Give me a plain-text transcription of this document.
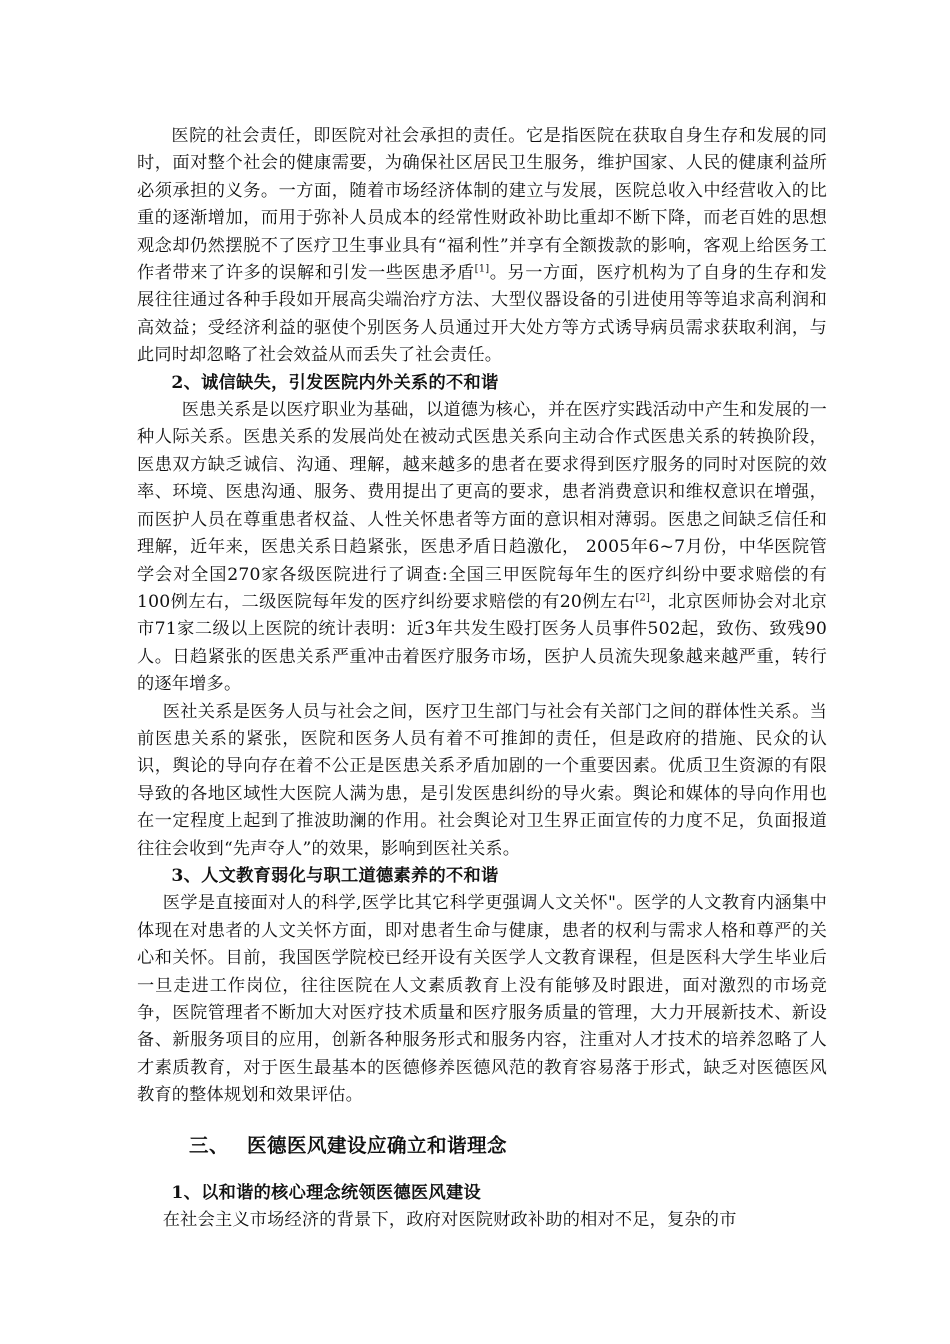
医院的社会责任，即医院对社会承担的责任。它是指医院在获取自身生存和发展的同时，面对整个社会的健康需要，为确保社区居民卫生服务，维护国家、人民的健康利益所必须承担的义务。一方面，随着市场经济体制的建立与发展，医院总收入中经营收入的比重的逐渐增加，而用于弥补人员成本的经常性财政补助比重却不断下降，而老百姓的思想观念却仍然摆脱不了医疗卫生事业具有“福利性”并享有全额拨款的影响，客观上给医务工作者带来了许多的误解和引发一些医患矛盾[1]。另一方面，医疗机构为了自身的生存和发展往往通过各种手段如开展高尖端治疗方法、大型仪器设备的引进使用等等追求高利润和高效益；受经济利益的驱使个别医务人员通过开大处方等方式诱导病员需求获取利润，与此同时却忽略了社会效益从而丢失了社会责任。

2、诚信缺失，引发医院内外关系的不和谐

医患关系是以医疗职业为基础，以道德为核心，并在医疗实践活动中产生和发展的一种人际关系。医患关系的发展尚处在被动式医患关系向主动合作式医患关系的转换阶段，医患双方缺乏诚信、沟通、理解，越来越多的患者在要求得到医疗服务的同时对医院的效率、环境、医患沟通、服务、费用提出了更高的要求，患者消费意识和维权意识在增强，而医护人员在尊重患者权益、人性关怀患者等方面的意识相对薄弱。医患之间缺乏信任和理解，近年来，医患关系日趋紧张，医患矛盾日趋激化， 2005年6~7月份，中华医院管学会对全国270家各级医院进行了调查:全国三甲医院每年生的医疗纠纷中要求赔偿的有100例左右，二级医院每年发的医疗纠纷要求赔偿的有20例左右[2]，北京医师协会对北京市71家二级以上医院的统计表明：近3年共发生殴打医务人员事件502起，致伤、致残90人。日趋紧张的医患关系严重冲击着医疗服务市场，医护人员流失现象越来越严重，转行的逐年增多。

医社关系是医务人员与社会之间，医疗卫生部门与社会有关部门之间的群体性关系。当前医患关系的紧张，医院和医务人员有着不可推卸的责任，但是政府的措施、民众的认识，舆论的导向存在着不公正是医患关系矛盾加剧的一个重要因素。优质卫生资源的有限导致的各地区域性大医院人满为患，是引发医患纠纷的导火索。舆论和媒体的导向作用也在一定程度上起到了推波助澜的作用。社会舆论对卫生界正面宣传的力度不足，负面报道往往会收到“先声夺人”的效果，影响到医社关系。

3、人文教育弱化与职工道德素养的不和谐

医学是直接面对人的科学,医学比其它科学更强调人文关怀"。医学的人文教育内涵集中体现在对患者的人文关怀方面，即对患者生命与健康，患者的权利与需求人格和尊严的关心和关怀。目前，我国医学院校已经开设有关医学人文教育课程，但是医科大学生毕业后一旦走进工作岗位，往往医院在人文素质教育上没有能够及时跟进，面对激烈的市场竞争，医院管理者不断加大对医疗技术质量和医疗服务质量的管理，大力开展新技术、新设备、新服务项目的应用，创新各种服务形式和服务内容，注重对人才技术的培养忽略了人才素质教育，对于医生最基本的医德修养医德风范的教育容易落于形式，缺乏对医德医风教育的整体规划和效果评估。

三、 医德医风建设应确立和谐理念

1、以和谐的核心理念统领医德医风建设

在社会主义市场经济的背景下，政府对医院财政补助的相对不足，复杂的市
